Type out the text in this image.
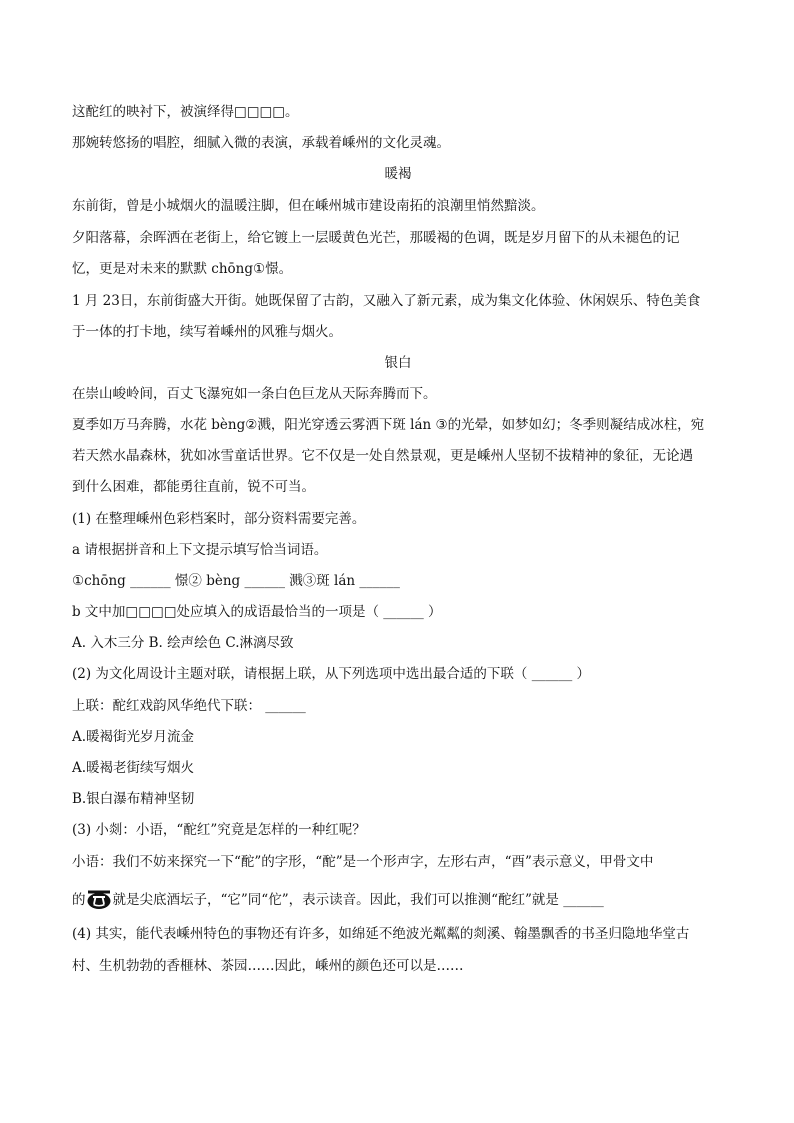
这酡红的映衬下，被演绎得□□□□。
那婉转悠扬的唱腔，细腻入微的表演，承载着嵊州的文化灵魂。
暖褐
东前街，曾是小城烟火的温暖注脚，但在嵊州城市建设南拓的浪潮里悄然黯淡。
夕阳落幕，余晖洒在老街上，给它镀上一层暖黄色光芒，那暖褐的色调，既是岁月留下的从未褪色的记
忆，更是对未来的默默 chōng①憬。
1 月 23日，东前街盛大开街。她既保留了古韵，又融入了新元素，成为集文化体验、休闲娱乐、特色美食
于一体的打卡地，续写着嵊州的风雅与烟火。
银白
在崇山峻岭间，百丈飞瀑宛如一条白色巨龙从天际奔腾而下。
夏季如万马奔腾，水花 bèng②溅，阳光穿透云雾洒下斑 lán ③的光晕，如梦如幻；冬季则凝结成冰柱，宛
若天然水晶森林，犹如冰雪童话世界。它不仅是一处自然景观，更是嵊州人坚韧不拔精神的象征，无论遇
到什么困难，都能勇往直前，锐不可当。
(1) 在整理嵊州色彩档案时，部分资料需要完善。
a 请根据拼音和上下文提示填写恰当词语。
①chōng ______ 憬② bèng ______ 溅③斑 lán ______
b 文中加□□□□处应填入的成语最恰当的一项是（ ______ ）
A. 入木三分 B. 绘声绘色 C.淋漓尽致
(2) 为文化周设计主题对联，请根据上联，从下列选项中选出最合适的下联（ ______ ）
上联：酡红戏韵风华绝代下联： ______
A.暖褐街光岁月流金
A.暖褐老街续写烟火
B.银白瀑布精神坚韧
(3) 小剡：小语，“酡红”究竟是怎样的一种红呢？
小语：我们不妨来探究一下“酡”的字形，“酡”是一个形声字，左形右声，“酉”表示意义，甲骨文中
的 就是尖底酒坛子，“它”同“佗”，表示读音。因此，我们可以推测“酡红”就是 ______
(4) 其实，能代表嵊州特色的事物还有许多，如绵延不绝波光粼粼的剡溪、翰墨飘香的书圣归隐地华堂古
村、生机勃勃的香榧林、茶园……因此，嵊州的颜色还可以是……
